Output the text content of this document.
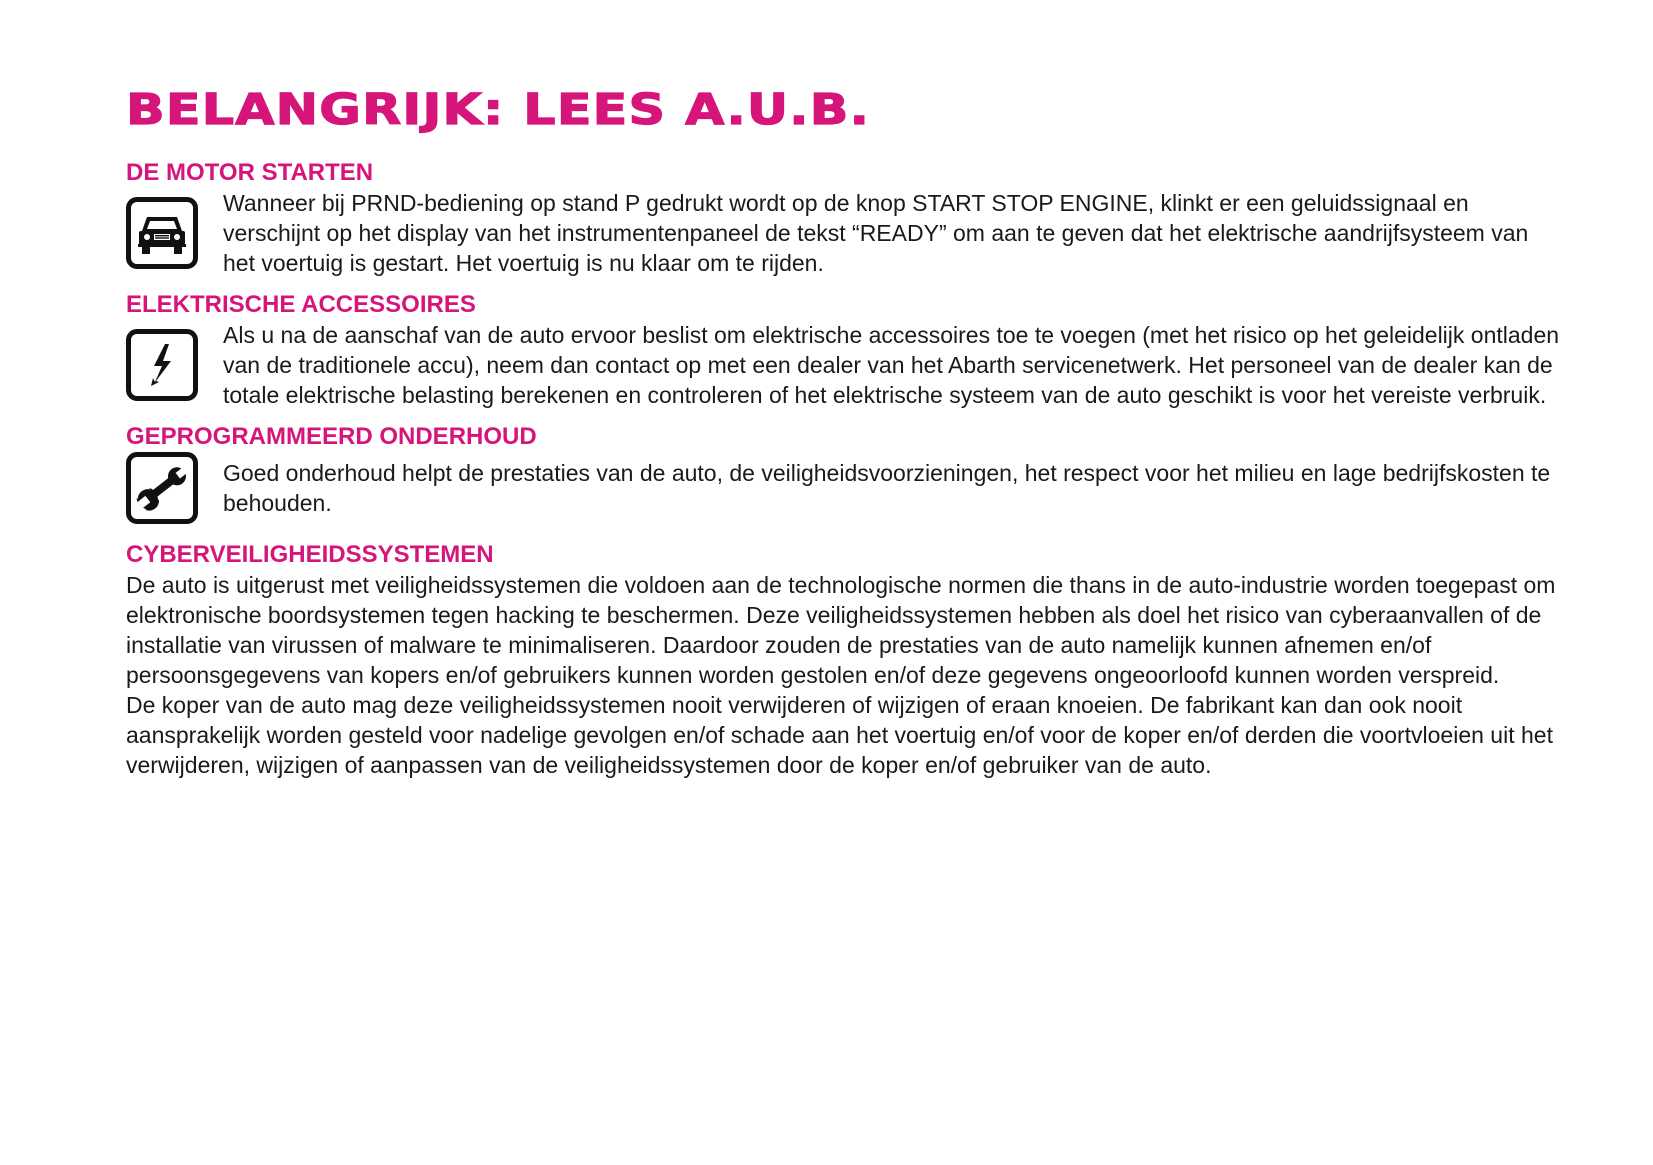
BELANGRIJK: LEES A.U.B.
DE MOTOR STARTEN

Wanneer bij PRND-bediening op stand P gedrukt wordt op de knop START STOP ENGINE, klinkt er een geluidssignaal en verschijnt op het display van het instrumentenpaneel de tekst “READY” om aan te geven dat het elektrische aandrijfsysteem van het voertuig is gestart. Het voertuig is nu klaar om te rijden.

ELEKTRISCHE ACCESSOIRES

Als u na de aanschaf van de auto ervoor beslist om elektrische accessoires toe te voegen (met het risico op het geleidelijk ontladen van de traditionele accu), neem dan contact op met een dealer van het Abarth servicenetwerk. Het personeel van de dealer kan de totale elektrische belasting berekenen en controleren of het elektrische systeem van de auto geschikt is voor het vereiste verbruik.

GEPROGRAMMEERD ONDERHOUD

Goed onderhoud helpt de prestaties van de auto, de veiligheidsvoorzieningen, het respect voor het milieu en lage bedrijfskosten te behouden.

CYBERVEILIGHEIDSSYSTEMEN

De auto is uitgerust met veiligheidssystemen die voldoen aan de technologische normen die thans in de auto-industrie worden toegepast om elektronische boordsystemen tegen hacking te beschermen. Deze veiligheidssystemen hebben als doel het risico van cyberaanvallen of de installatie van virussen of malware te minimaliseren. Daardoor zouden de prestaties van de auto namelijk kunnen afnemen en/of persoonsgegevens van kopers en/of gebruikers kunnen worden gestolen en/of deze gegevens ongeoorloofd kunnen worden verspreid.

De koper van de auto mag deze veiligheidssystemen nooit verwijderen of wijzigen of eraan knoeien. De fabrikant kan dan ook nooit aansprakelijk worden gesteld voor nadelige gevolgen en/of schade aan het voertuig en/of voor de koper en/of derden die voortvloeien uit het verwijderen, wijzigen of aanpassen van de veiligheidssystemen door de koper en/of gebruiker van de auto.
